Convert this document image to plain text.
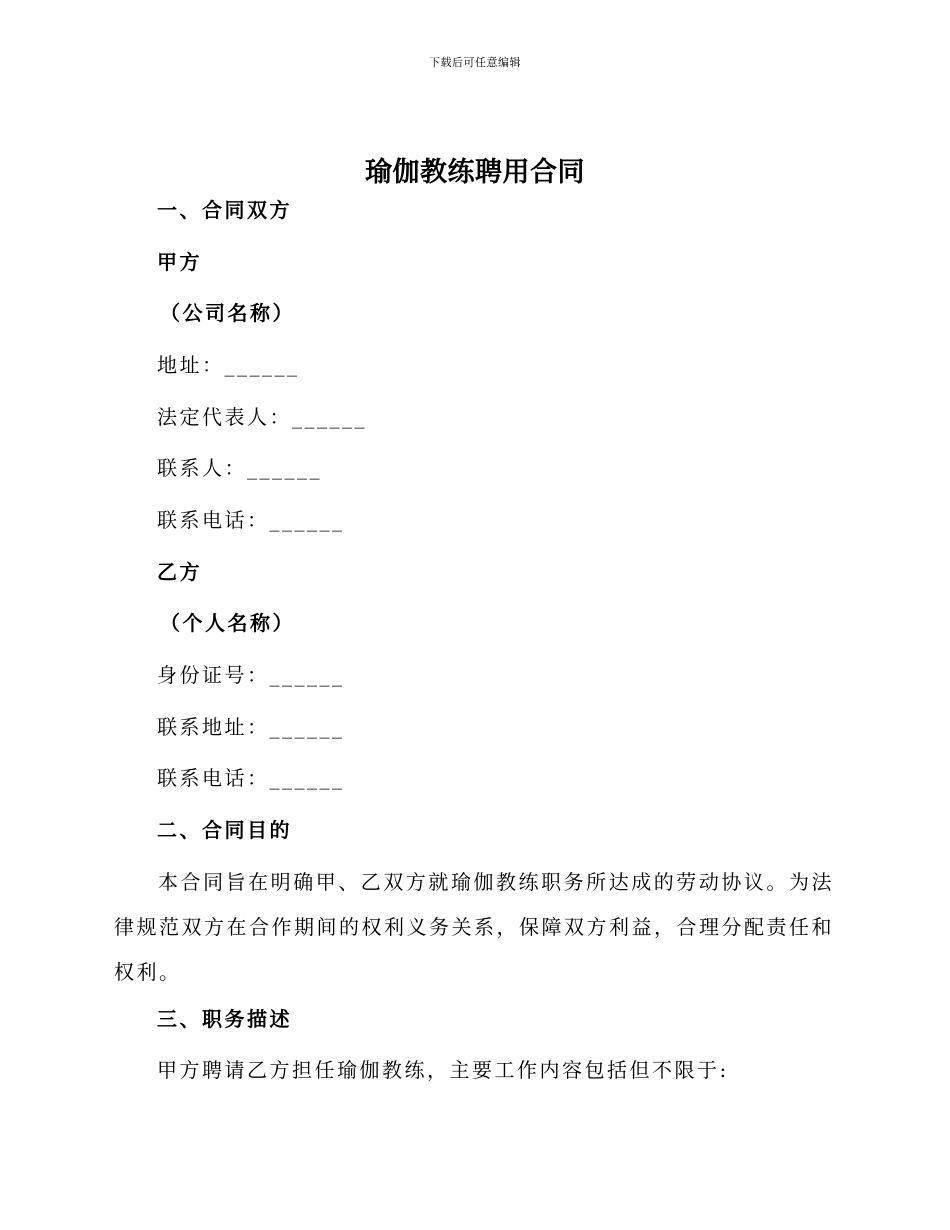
下载后可任意编辑
瑜伽教练聘用合同
一、合同双方
甲方
（公司名称）
地址：______
法定代表人：______
联系人：______
联系电话：______
乙方
（个人名称）
身份证号：______
联系地址：______
联系电话：______
二、合同目的
本合同旨在明确甲、乙双方就瑜伽教练职务所达成的劳动协议。为法律规范双方在合作期间的权利义务关系，保障双方利益，合理分配责任和权利。
三、职务描述
甲方聘请乙方担任瑜伽教练，主要工作内容包括但不限于:
